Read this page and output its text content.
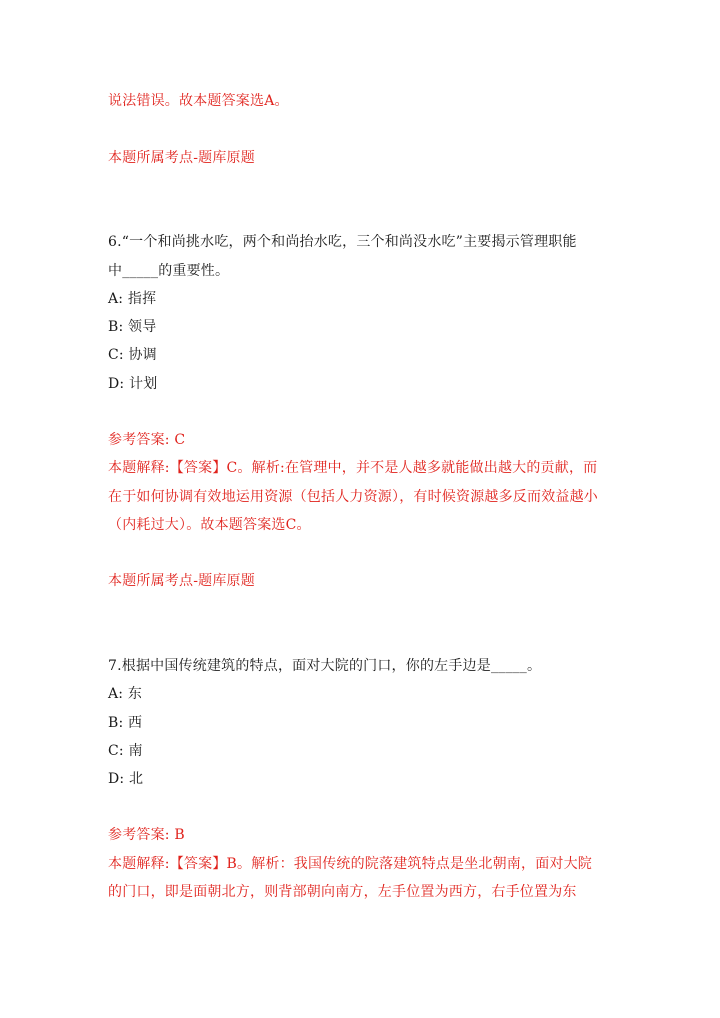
说法错误。故本题答案选A。
本题所属考点-题库原题
6.“一个和尚挑水吃，两个和尚抬水吃，三个和尚没水吃”主要揭示管理职能
中_____的重要性。
A: 指挥
B: 领导
C: 协调
D: 计划
参考答案: C
本题解释:【答案】C。解析:在管理中，并不是人越多就能做出越大的贡献，而
在于如何协调有效地运用资源（包括人力资源），有时候资源越多反而效益越小
（内耗过大）。故本题答案选C。
本题所属考点-题库原题
7.根据中国传统建筑的特点，面对大院的门口，你的左手边是_____。
A: 东
B: 西
C: 南
D: 北
参考答案: B
本题解释:【答案】B。解析：我国传统的院落建筑特点是坐北朝南，面对大院
的门口，即是面朝北方，则背部朝向南方，左手位置为西方，右手位置为东
